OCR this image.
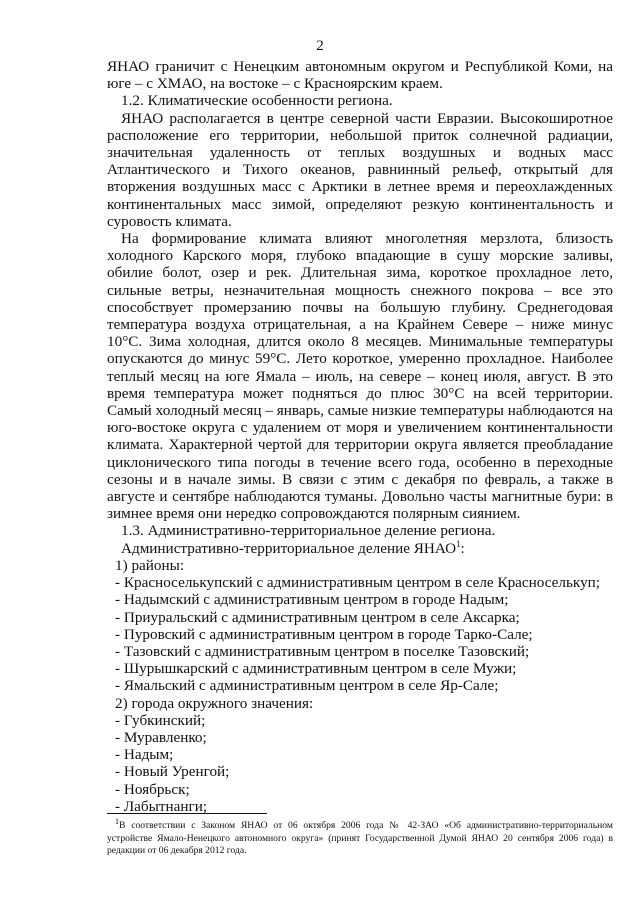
2

ЯНАО граничит с Ненецким автономным округом и Республикой Коми, на юге – с ХМАО, на востоке – с Красноярским краем.

1.2. Климатические особенности региона.

ЯНАО располагается в центре северной части Евразии. Высокоширотное расположение его территории, небольшой приток солнечной радиации, значительная удаленность от теплых воздушных и водных масс Атлантического и Тихого океанов, равнинный рельеф, открытый для вторжения воздушных масс с Арктики в летнее время и переохлажденных континентальных масс зимой, определяют резкую континентальность и суровость климата.

На формирование климата влияют многолетняя мерзлота, близость холодного Карского моря, глубоко впадающие в сушу морские заливы, обилие болот, озер и рек. Длительная зима, короткое прохладное лето, сильные ветры, незначительная мощность снежного покрова – все это способствует промерзанию почвы на большую глубину. Среднегодовая температура воздуха отрицательная, а на Крайнем Севере – ниже минус 10°С. Зима холодная, длится около 8 месяцев. Минимальные температуры опускаются до минус 59°С. Лето короткое, умеренно прохладное. Наиболее теплый месяц на юге Ямала – июль, на севере – конец июля, август. В это время температура может подняться до плюс 30°С на всей территории. Самый холодный месяц – январь, самые низкие температуры наблюдаются на юго-востоке округа с удалением от моря и увеличением континентальности климата. Характерной чертой для территории округа является преобладание циклонического типа погоды в течение всего года, особенно в переходные сезоны и в начале зимы. В связи с этим с декабря по февраль, а также в августе и сентябре наблюдаются туманы. Довольно часты магнитные бури: в зимнее время они нередко сопровождаются полярным сиянием.

1.3. Административно-территориальное деление региона.

Административно-территориальное деление ЯНАО$^1$:

1) районы:

- Красноселькупский с административным центром в селе Красноселькуп;

- Надымский с административным центром в городе Надым;

- Приуральский с административным центром в селе Аксарка;

- Пуровский с административным центром в городе Тарко-Сале;

- Тазовский с административным центром в поселке Тазовский;

- Шурышкарский с административным центром в селе Мужи;

- Ямальский с административным центром в селе Яр-Сале;

2) города окружного значения:

- Губкинский;

- Муравленко;

- Надым;

- Новый Уренгой;

- Ноябрьск;

- Лабытнанги;

$^1$В соответствии с Законом ЯНАО от 06 октября 2006 года № 42-ЗАО «Об административно-территориальном устройстве Ямало-Ненецкого автономного округа» (принят Государственной Думой ЯНАО 20 сентября 2006 года) в редакции от 06 декабря 2012 года.
